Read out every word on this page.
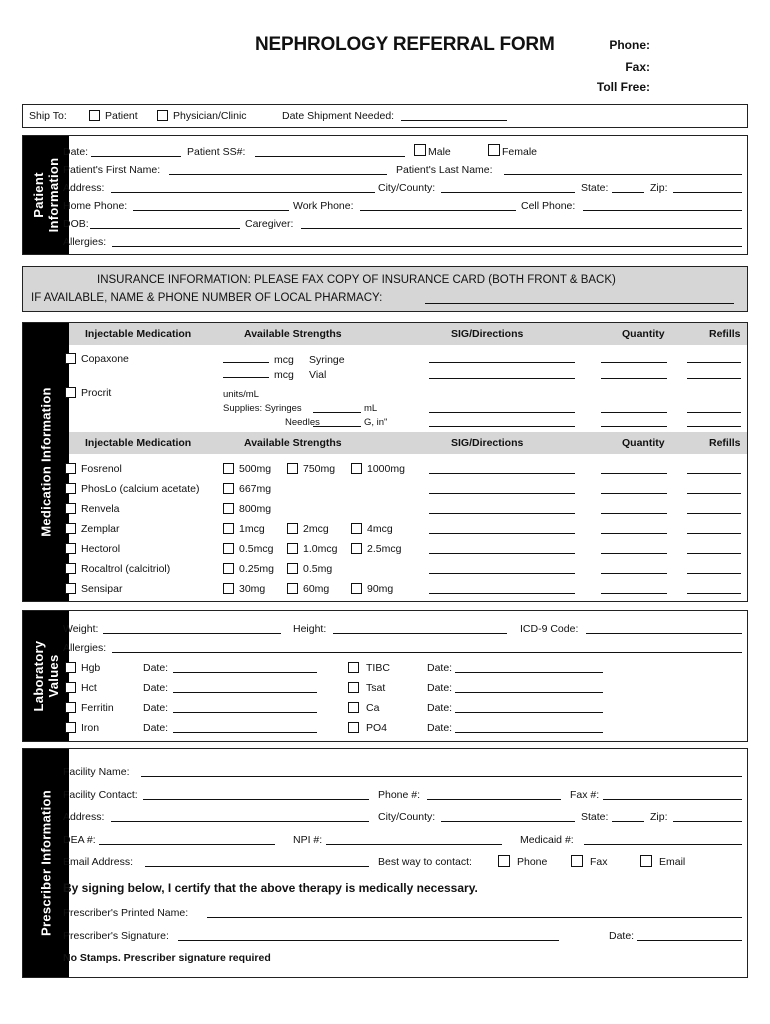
NEPHROLOGY REFERRAL FORM	Phone:
Fax:
Toll Free:
Ship To:	Patient	Physician/Clinic	Date Shipment Needed:
Patient Information
Date:	Patient SS#:	Male	Female
Patient's First Name:	Patient's Last Name:
Address:	City/County:	State:	Zip:
Home Phone:	Work Phone:	Cell Phone:
DOB:	Caregiver:
Allergies:
INSURANCE INFORMATION: PLEASE FAX COPY OF INSURANCE CARD (BOTH FRONT & BACK)
IF AVAILABLE, NAME & PHONE NUMBER OF LOCAL PHARMACY:
Medication Information
Injectable Medication	Available Strengths	SIG/Directions	Quantity	Refills
Copaxone	mcg Syringe
mcg Vial
Procrit	units/mL
Supplies: Syringes	mL
Needles	G, in"
Injectable Medication	Available Strengths	SIG/Directions	Quantity	Refills
Fosrenol	500mg	750mg	1000mg
PhosLo (calcium acetate)	667mg
Renvela	800mg
Zemplar	1mcg	2mcg	4mcg
Hectorol	0.5mcg	1.0mcg	2.5mcg
Rocaltrol (calcitriol)	0.25mg	0.5mg
Sensipar	30mg	60mg	90mg
Laboratory Values
Weight:	Height:	ICD-9 Code:
Allergies:
Hgb	Date:	TIBC	Date:
Hct	Date:	Tsat	Date:
Ferritin	Date:	Ca	Date:
Iron	Date:	PO4	Date:
Prescriber Information
Facility Name:
Facility Contact:	Phone #:	Fax #:
Address:	City/County:	State:	Zip:
DEA #:	NPI #:	Medicaid #:
Email Address:	Best way to contact:	Phone	Fax	Email
By signing below, I certify that the above therapy is medically necessary.
Prescriber's Printed Name:
Prescriber's Signature:	Date:
No Stamps. Prescriber signature required
